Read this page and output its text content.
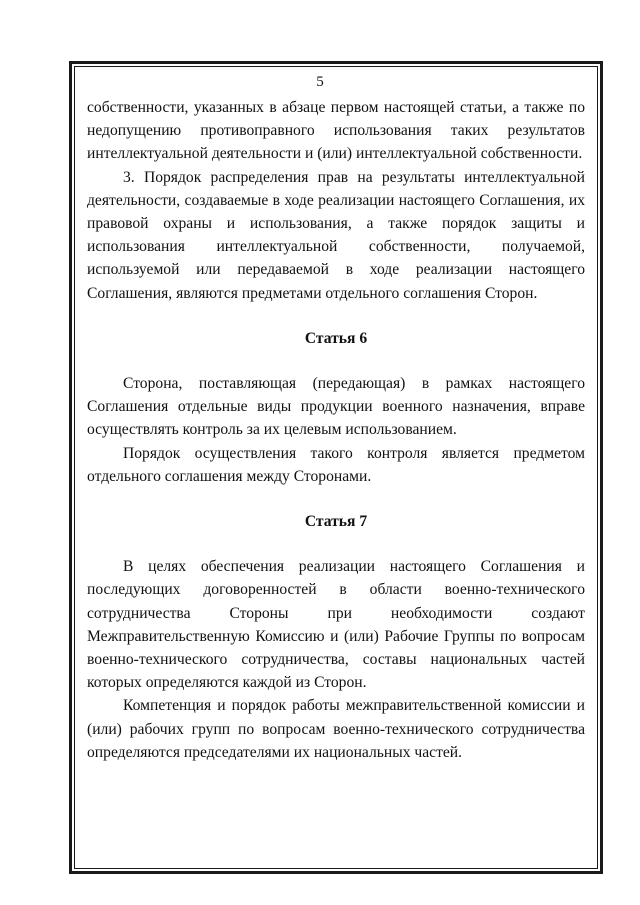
5

собственности, указанных в абзаце первом настоящей статьи, а также по недопущению противоправного использования таких результатов интеллектуальной деятельности и (или) интеллектуальной собственности.

3. Порядок распределения прав на результаты интеллектуальной деятельности, создаваемые в ходе реализации настоящего Соглашения, их правовой охраны и использования, а также порядок защиты и использования интеллектуальной собственности, получаемой, используемой или передаваемой в ходе реализации настоящего Соглашения, являются предметами отдельного соглашения Сторон.

Статья 6

Сторона, поставляющая (передающая) в рамках настоящего Соглашения отдельные виды продукции военного назначения, вправе осуществлять контроль за их целевым использованием.

Порядок осуществления такого контроля является предметом отдельного соглашения между Сторонами.

Статья 7

В целях обеспечения реализации настоящего Соглашения и последующих договоренностей в области военно-технического сотрудничества Стороны при необходимости создают Межправительственную Комиссию и (или) Рабочие Группы по вопросам военно-технического сотрудничества, составы национальных частей которых определяются каждой из Сторон.

Компетенция и порядок работы межправительственной комиссии и (или) рабочих групп по вопросам военно-технического сотрудничества определяются председателями их национальных частей.
